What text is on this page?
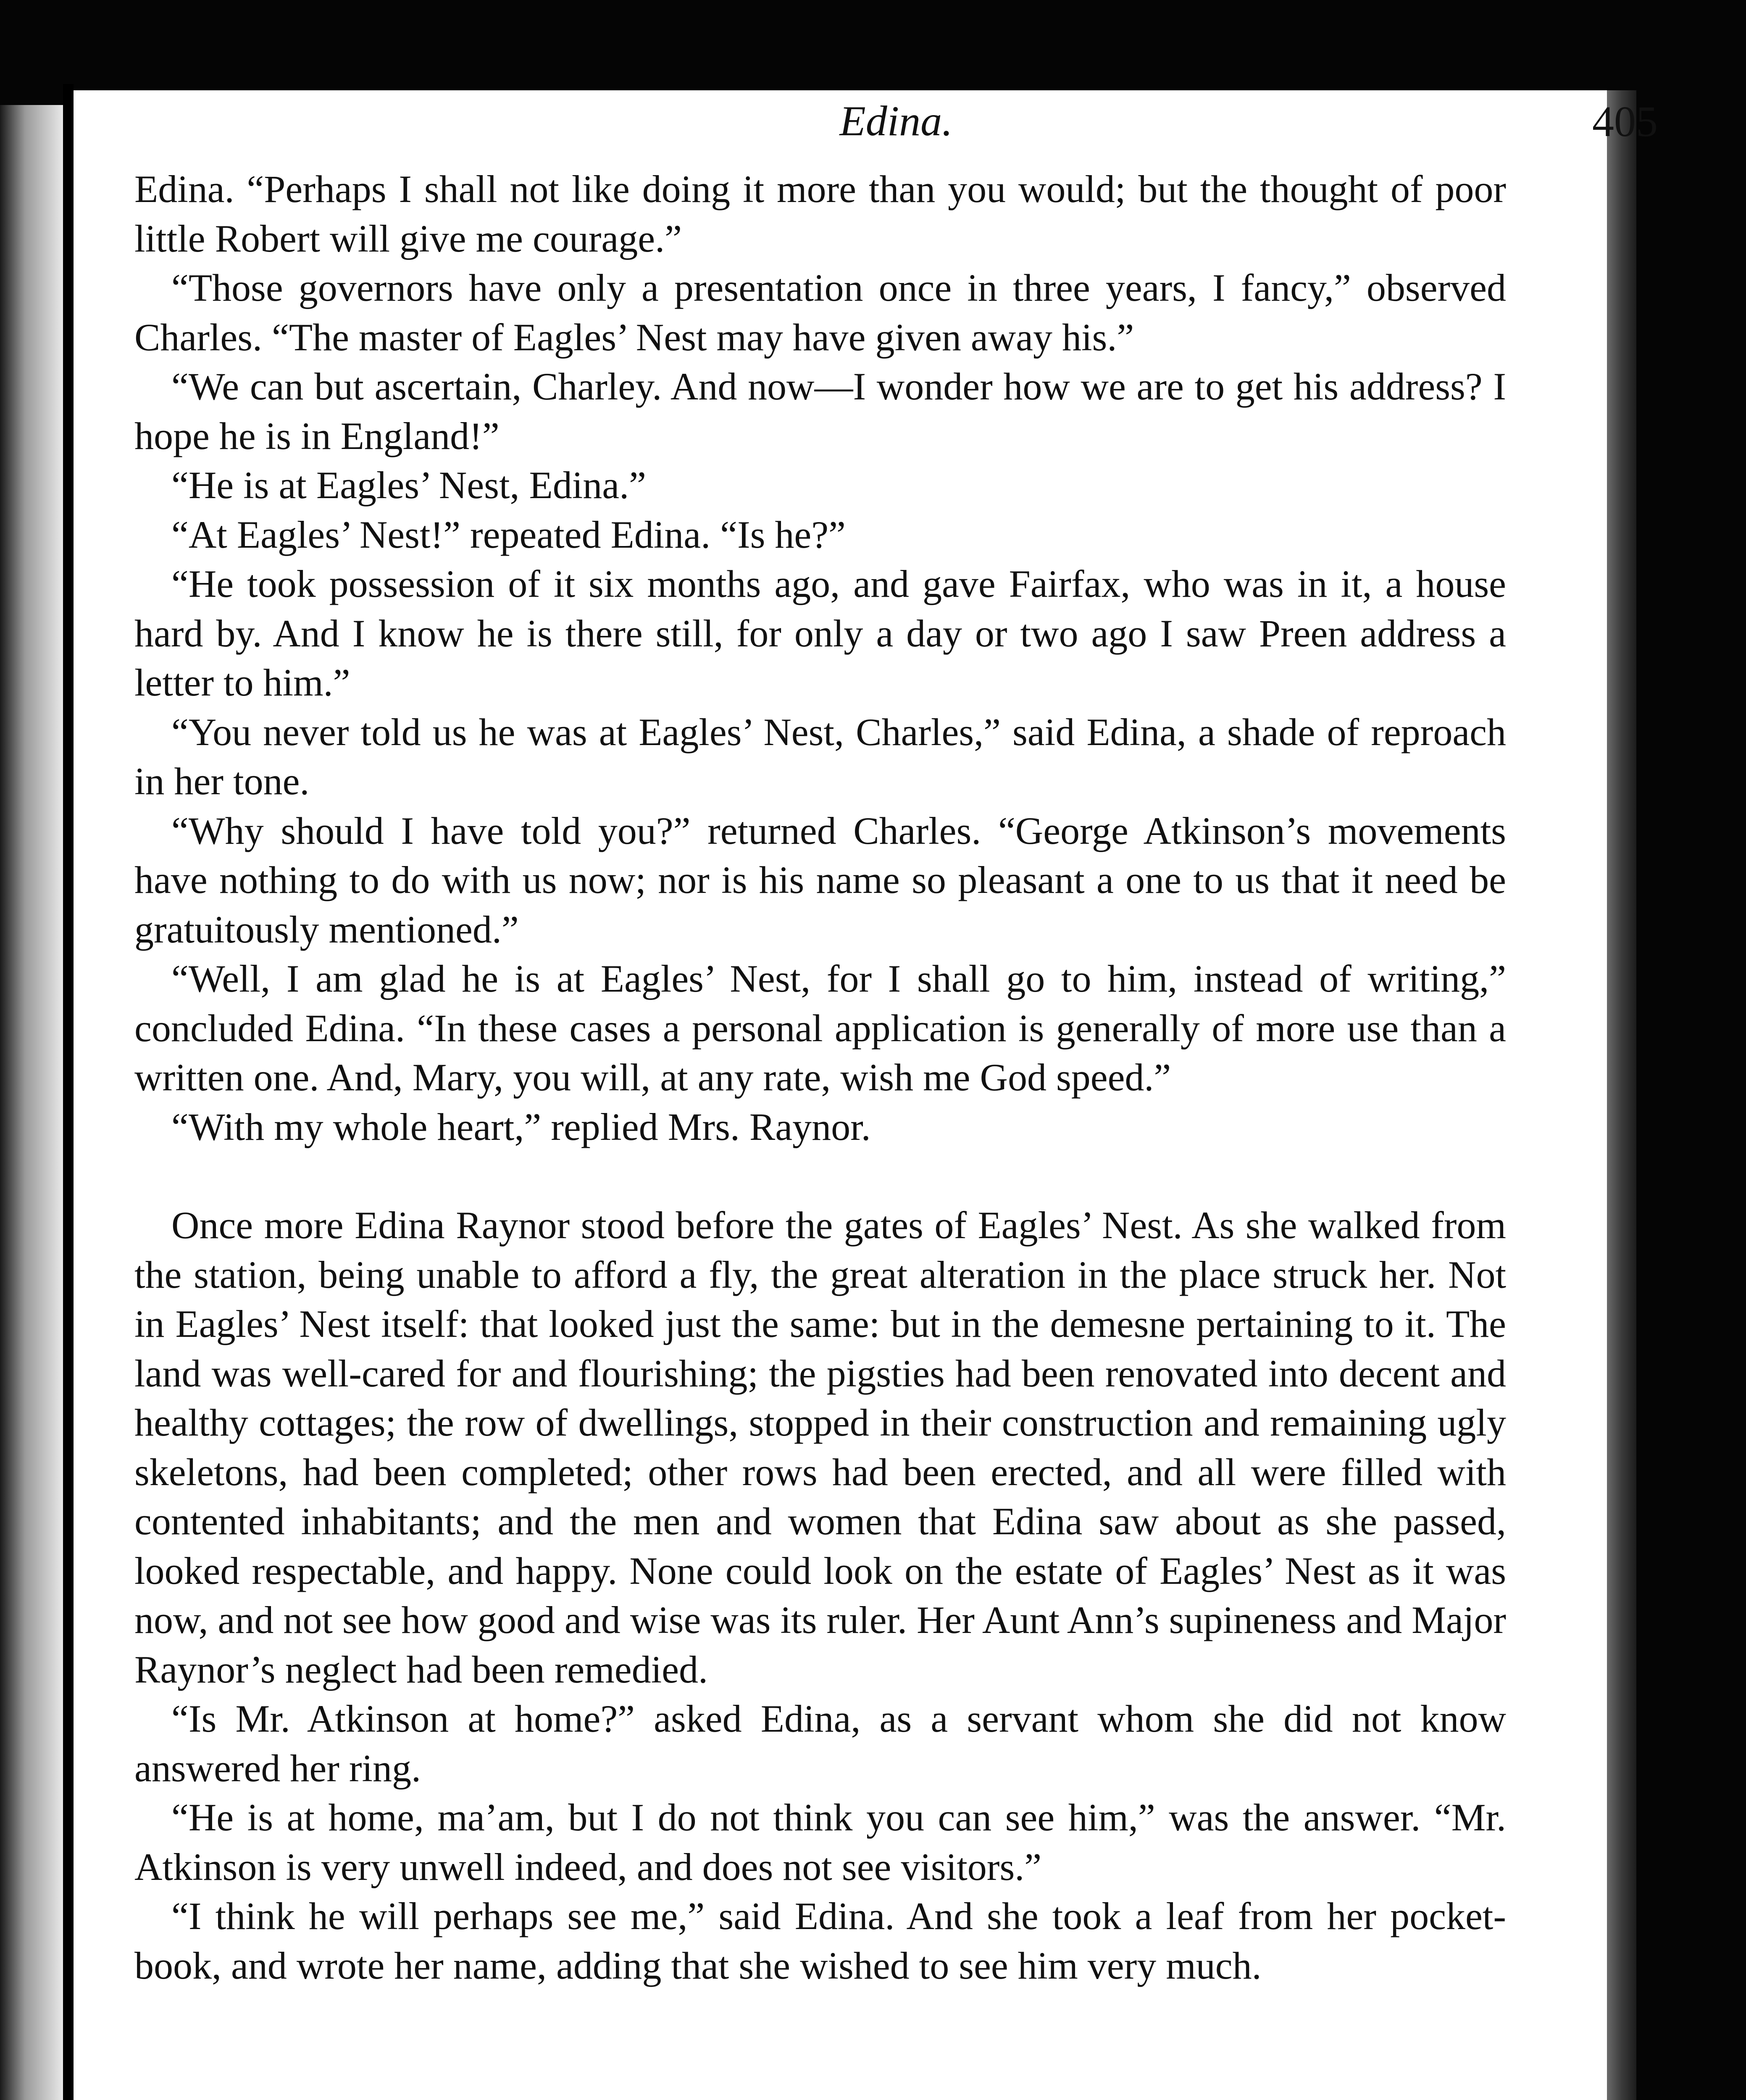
Edina.	405

Edina. “Perhaps I shall not like doing it more than you would; but the thought of poor little Robert will give me courage.”

“Those governors have only a presentation once in three years, I fancy,” observed Charles. “The master of Eagles’ Nest may have given away his.”

“We can but ascertain, Charley. And now—I wonder how we are to get his address? I hope he is in England!”

“He is at Eagles’ Nest, Edina.”

“At Eagles’ Nest!” repeated Edina. “Is he?”

“He took possession of it six months ago, and gave Fairfax, who was in it, a house hard by. And I know he is there still, for only a day or two ago I saw Preen address a letter to him.”

“You never told us he was at Eagles’ Nest, Charles,” said Edina, a shade of reproach in her tone.

“Why should I have told you?” returned Charles. “George Atkinson’s movements have nothing to do with us now; nor is his name so pleasant a one to us that it need be gratuitously mentioned.”

“Well, I am glad he is at Eagles’ Nest, for I shall go to him, instead of writing,” concluded Edina. “In these cases a personal application is generally of more use than a written one. And, Mary, you will, at any rate, wish me God speed.”

“With my whole heart,” replied Mrs. Raynor.

Once more Edina Raynor stood before the gates of Eagles’ Nest. As she walked from the station, being unable to afford a fly, the great alteration in the place struck her. Not in Eagles’ Nest itself: that looked just the same: but in the demesne pertaining to it. The land was well-cared for and flourishing; the pigsties had been renovated into decent and healthy cottages; the row of dwellings, stopped in their construction and remaining ugly skeletons, had been completed; other rows had been erected, and all were filled with contented inhabitants; and the men and women that Edina saw about as she passed, looked respectable, and happy. None could look on the estate of Eagles’ Nest as it was now, and not see how good and wise was its ruler. Her Aunt Ann’s supineness and Major Raynor’s neglect had been remedied.

“Is Mr. Atkinson at home?” asked Edina, as a servant whom she did not know answered her ring.

“He is at home, ma’am, but I do not think you can see him,” was the answer. “Mr. Atkinson is very unwell indeed, and does not see visitors.”

“I think he will perhaps see me,” said Edina. And she took a leaf from her pocket-book, and wrote her name, adding that she wished to see him very much.
